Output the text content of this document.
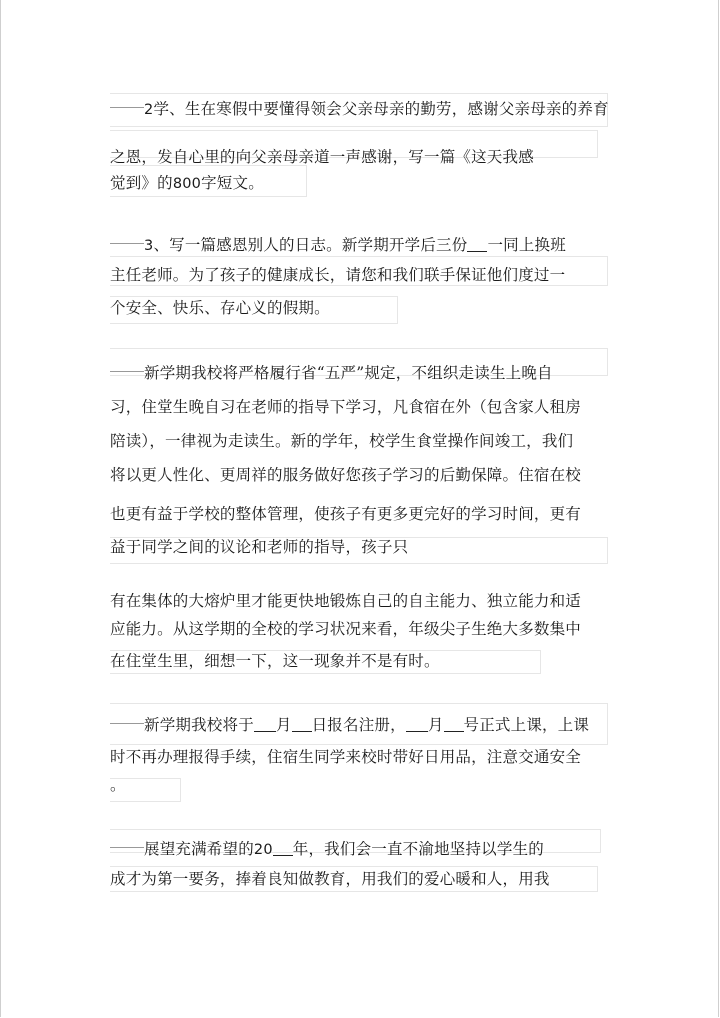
2学、生在寒假中要懂得领会父亲母亲的勤劳，感谢父亲母亲的养育
之恩，发自心里的向父亲母亲道一声感谢，写一篇《这天我感
觉到》的800字短文。
3、写一篇感恩别人的日志。新学期开学后三份 一同上换班
主任老师。为了孩子的健康成长，请您和我们联手保证他们度过一
个安全、快乐、存心义的假期。
新学期我校将严格履行省“五严”规定，不组织走读生上晚自
习，住堂生晚自习在老师的指导下学习，凡食宿在外（包含家人租房
陪读），一律视为走读生。新的学年，校学生食堂操作间竣工，我们
将以更人性化、更周祥的服务做好您孩子学习的后勤保障。住宿在校
也更有益于学校的整体管理，使孩子有更多更完好的学习时间，更有
益于同学之间的议论和老师的指导，孩子只
有在集体的大熔炉里才能更快地锻炼自己的自主能力、独立能力和适
应能力。从这学期的全校的学习状况来看，年级尖子生绝大多数集中
在住堂生里，细想一下，这一现象并不是有时。
新学期我校将于 月 日报名注册， 月 号正式上课，上课
时不再办理报得手续，住宿生同学来校时带好日用品，注意交通安全
。
展望充满希望的20 年，我们会一直不渝地坚持以学生的
成才为第一要务，捧着良知做教育，用我们的爱心暖和人，用我
